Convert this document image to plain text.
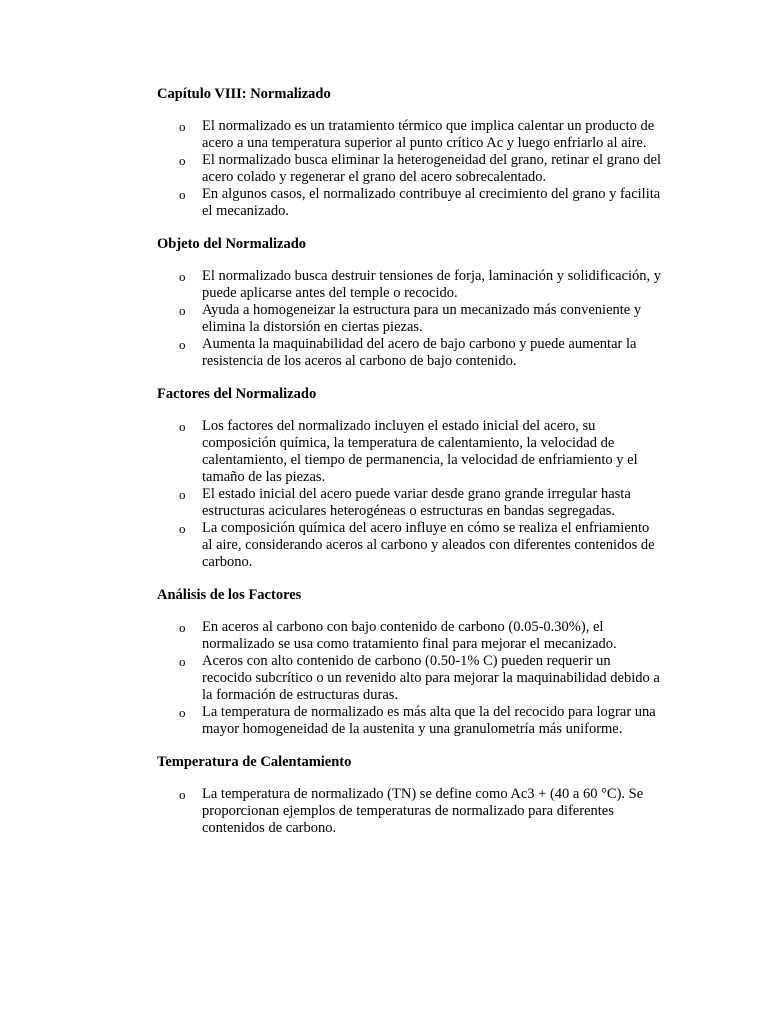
Capítulo VIII: Normalizado
o El normalizado es un tratamiento térmico que implica calentar un producto de acero a una temperatura superior al punto crítico Ac y luego enfriarlo al aire.
o El normalizado busca eliminar la heterogeneidad del grano, retinar el grano del acero colado y regenerar el grano del acero sobrecalentado.
o En algunos casos, el normalizado contribuye al crecimiento del grano y facilita el mecanizado.
Objeto del Normalizado
o El normalizado busca destruir tensiones de forja, laminación y solidificación, y puede aplicarse antes del temple o recocido.
o Ayuda a homogeneizar la estructura para un mecanizado más conveniente y elimina la distorsión en ciertas piezas.
o Aumenta la maquinabilidad del acero de bajo carbono y puede aumentar la resistencia de los aceros al carbono de bajo contenido.
Factores del Normalizado
o Los factores del normalizado incluyen el estado inicial del acero, su composición química, la temperatura de calentamiento, la velocidad de calentamiento, el tiempo de permanencia, la velocidad de enfriamiento y el tamaño de las piezas.
o El estado inicial del acero puede variar desde grano grande irregular hasta estructuras aciculares heterogéneas o estructuras en bandas segregadas.
o La composición química del acero influye en cómo se realiza el enfriamiento al aire, considerando aceros al carbono y aleados con diferentes contenidos de carbono.
Análisis de los Factores
o En aceros al carbono con bajo contenido de carbono (0.05-0.30%), el normalizado se usa como tratamiento final para mejorar el mecanizado.
o Aceros con alto contenido de carbono (0.50-1% C) pueden requerir un recocido subcrítico o un revenido alto para mejorar la maquinabilidad debido a la formación de estructuras duras.
o La temperatura de normalizado es más alta que la del recocido para lograr una mayor homogeneidad de la austenita y una granulometría más uniforme.
Temperatura de Calentamiento
o La temperatura de normalizado (TN) se define como Ac3 + (40 a 60 °C). Se proporcionan ejemplos de temperaturas de normalizado para diferentes contenidos de carbono.
